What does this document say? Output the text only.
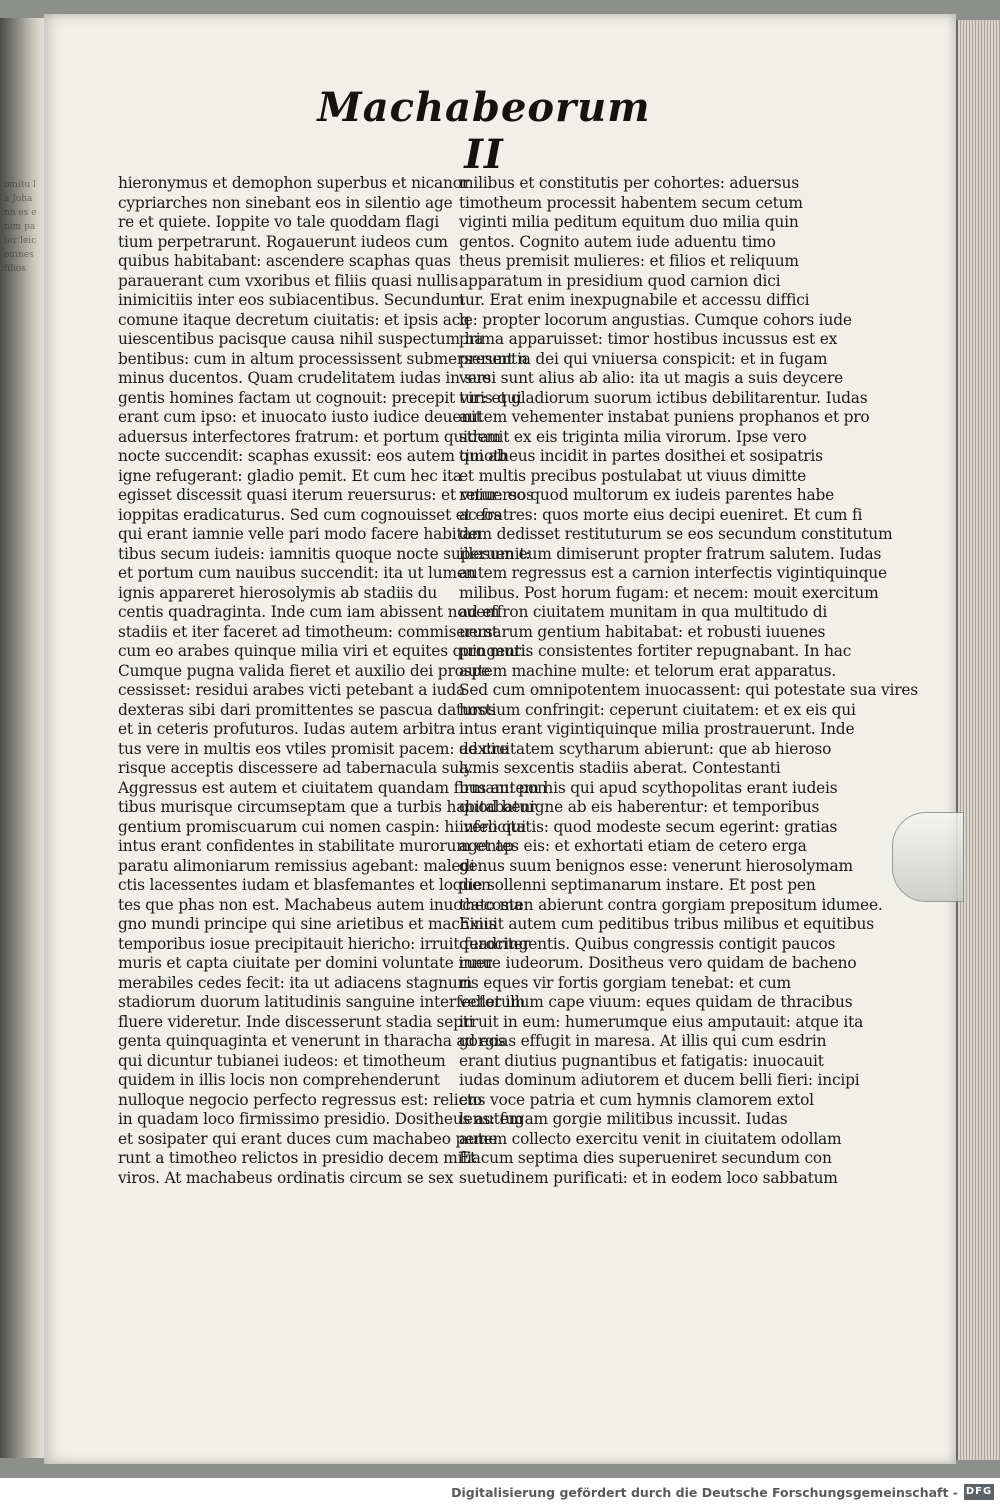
omitu la Johann es enim pater leic omnes filios
Machabeorum II
hieronymus et demophon superbus et nicanor
cypriarches non sinebant eos in silentio age
re et quiete. Ioppite vo tale quoddam flagi
tium perpetrarunt. Rogauerunt iudeos cum
quibus habitabant: ascendere scaphas quas
parauerant cum vxoribus et filiis quasi nullis
inimicitiis inter eos subiacentibus. Secundum
comune itaque decretum ciuitatis: et ipsis acq
uiescentibus pacisque causa nihil suspectum ha
bentibus: cum in altum processissent submerserunt n
minus ducentos. Quam crudelitatem iudas in sue
gentis homines factam ut cognouit: precepit viris qui
erant cum ipso: et inuocato iusto iudice deuenit
aduersus interfectores fratrum: et portum quidem
nocte succendit: scaphas exussit: eos autem qui ab
igne refugerant: gladio pemit. Et cum hec ita
egisset discessit quasi iterum reuersurus: et vniuersos
ioppitas eradicaturus. Sed cum cognouisset et eos
qui erant iamnie velle pari modo facere habitan
tibus secum iudeis: iamnitis quoque nocte superuenit:
et portum cum nauibus succendit: ita ut lumen
ignis appareret hierosolymis ab stadiis du
centis quadraginta. Inde cum iam abissent nouem
stadiis et iter faceret ad timotheum: commiserunt
cum eo arabes quinque milia viri et equites quingenti.
Cumque pugna valida fieret et auxilio dei prospe
cessisset: residui arabes victi petebant a iuda
dexteras sibi dari promittentes se pascua daturos
et in ceteris profuturos. Iudas autem arbitra
tus vere in multis eos vtiles promisit pacem: dextre
risque acceptis discessere ad tabernacula sua.
Aggressus est autem et ciuitatem quandam firmam: pon
tibus murisque circumseptam que a turbis habitabatur
gentium promiscuarum cui nomen caspin: hi vero qui
intus erant confidentes in stabilitate murorum et ap
paratu alimoniarum remissius agebant: maledi
ctis lacessentes iudam et blasfemantes et loquen
tes que phas non est. Machabeus autem inuocato ma
gno mundi principe qui sine arietibus et machinis
temporibus iosue precipitauit hiericho: irruit ferociter
muris et capta ciuitate per domini voluntate innu
merabiles cedes fecit: ita ut adiacens stagnum
stadiorum duorum latitudinis sanguine interfectorum
fluere videretur. Inde discesserunt stadia septi
genta quinquaginta et venerunt in tharacha ad eos
qui dicuntur tubianei iudeos: et timotheum
quidem in illis locis non comprehenderunt
nulloque negocio perfecto regressus est: relicto
in quadam loco firmissimo presidio. Dositheus autem
et sosipater qui erant duces cum machabeo peme
runt a timotheo relictos in presidio decem milia
viros. At machabeus ordinatis circum se sex
milibus et constitutis per cohortes: aduersus
timotheum processit habentem secum cetum
viginti milia peditum equitum duo milia quin
gentos. Cognito autem iude aduentu timo
theus premisit mulieres: et filios et reliquum
apparatum in presidium quod carnion dici
tur. Erat enim inexpugnabile et accessu diffici
le: propter locorum angustias. Cumque cohors iude
prima apparuisset: timor hostibus incussus est ex
presentia dei qui vniuersa conspicit: et in fugam
versi sunt alius ab alio: ita ut magis a suis deycere
tur: et gladiorum suorum ictibus debilitarentur. Iudas
autem vehementer instabat puniens prophanos et pro
strauit ex eis triginta milia virorum. Ipse vero
timotheus incidit in partes dosithei et sosipatris
et multis precibus postulabat ut viuus dimitte
retur: eo quod multorum ex iudeis parentes habe
ac fratres: quos morte eius decipi eueniret. Et cum fi
dem dedisset restituturum se eos secundum constitutum
illesum eum dimiserunt propter fratrum salutem. Iudas
autem regressus est a carnion interfectis vigintiquinque
milibus. Post horum fugam: et necem: mouit exercitum
ad effron ciuitatem munitam in qua multitudo di
uersarum gentium habitabat: et robusti iuuenes
pro muris consistentes fortiter repugnabant. In hac
autem machine multe: et telorum erat apparatus.
Sed cum omnipotentem inuocassent: qui potestate sua vires
hostium confringit: ceperunt ciuitatem: et ex eis qui
intus erant vigintiquinque milia prostrauerunt. Inde
ad ciuitatem scytharum abierunt: que ab hieroso
lymis sexcentis stadiis aberat. Contestanti
bus autem his qui apud scythopolitas erant iudeis
quod benigne ab eis haberentur: et temporibus
infelicitatis: quod modeste secum egerint: gratias
agentes eis: et exhortati etiam de cetero erga
genus suum benignos esse: venerunt hierosolymam
die sollenni septimanarum instare. Et post pen
thecosten abierunt contra gorgiam prepositum idumee.
Exiuit autem cum peditibus tribus milibus et equitibus
quadringentis. Quibus congressis contigit paucos
ruere iudeorum. Dositheus vero quidam de bacheno
ris eques vir fortis gorgiam tenebat: et cum
vellet illum cape viuum: eques quidam de thracibus
irruit in eum: humerumque eius amputauit: atque ita
gorgias effugit in maresa. At illis qui cum esdrin
erant diutius pugnantibus et fatigatis: inuocauit
iudas dominum adiutorem et ducem belli fieri: incipi
ens voce patria et cum hymnis clamorem extol
lens: fugam gorgie militibus incussit. Iudas
autem collecto exercitu venit in ciuitatem odollam
Et cum septima dies superueniret secundum con
suetudinem purificati: et in eodem loco sabbatum
Digitalisierung gefördert durch die Deutsche Forschungsgemeinschaft - DFG
